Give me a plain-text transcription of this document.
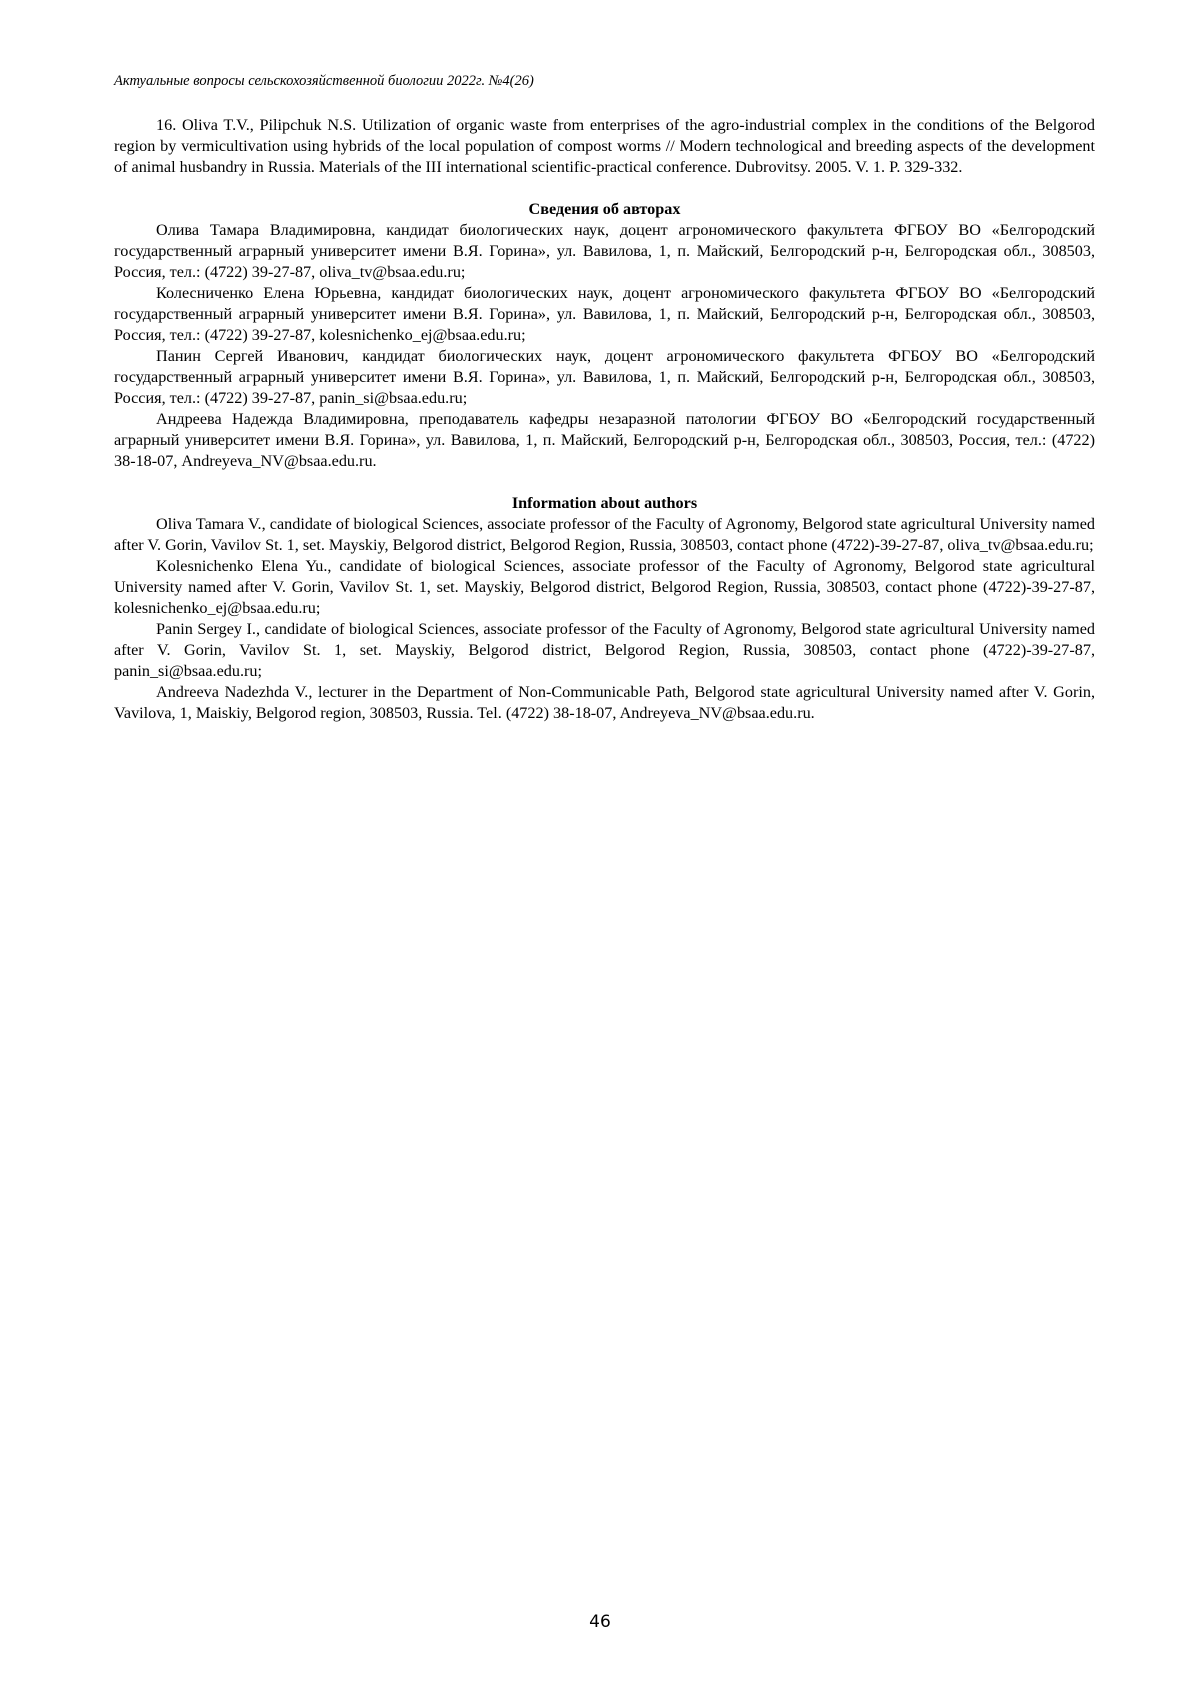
Актуальные вопросы сельскохозяйственной биологии 2022г. №4(26)

16. Oliva T.V., Pilipchuk N.S. Utilization of organic waste from enterprises of the agro-industrial complex in the conditions of the Belgorod region by vermicultivation using hybrids of the local population of compost worms // Modern technological and breeding aspects of the development of animal husbandry in Russia. Materials of the III international scientific-practical conference. Dubrovitsy. 2005. V. 1. P. 329-332.

Сведения об авторах

Олива Тамара Владимировна, кандидат биологических наук, доцент агрономического факультета ФГБОУ ВО «Белгородский государственный аграрный университет имени В.Я. Горина», ул. Вавилова, 1, п. Майский, Белгородский р-н, Белгородская обл., 308503, Россия, тел.: (4722) 39-27-87, oliva_tv@bsaa.edu.ru;

Колесниченко Елена Юрьевна, кандидат биологических наук, доцент агрономического факультета ФГБОУ ВО «Белгородский государственный аграрный университет имени В.Я. Горина», ул. Вавилова, 1, п. Майский, Белгородский р-н, Белгородская обл., 308503, Россия, тел.: (4722) 39-27-87, kolesnichenko_ej@bsaa.edu.ru;

Панин Сергей Иванович, кандидат биологических наук, доцент агрономического факультета ФГБОУ ВО «Белгородский государственный аграрный университет имени В.Я. Горина», ул. Вавилова, 1, п. Майский, Белгородский р-н, Белгородская обл., 308503, Россия, тел.: (4722) 39-27-87, panin_si@bsaa.edu.ru;

Андреева Надежда Владимировна, преподаватель кафедры незаразной патологии ФГБОУ ВО «Белгородский государственный аграрный университет имени В.Я. Горина», ул. Вавилова, 1, п. Майский, Белгородский р-н, Белгородская обл., 308503, Россия, тел.: (4722) 38-18-07, Andreyeva_NV@bsaa.edu.ru.

Information about authors

Oliva Tamara V., candidate of biological Sciences, associate professor of the Faculty of Agronomy, Belgorod state agricultural University named after V. Gorin, Vavilov St. 1, set. Mayskiy, Belgorod district, Belgorod Region, Russia, 308503, contact phone (4722)-39-27-87, oliva_tv@bsaa.edu.ru;

Kolesnichenko Elena Yu., candidate of biological Sciences, associate professor of the Faculty of Agronomy, Belgorod state agricultural University named after V. Gorin, Vavilov St. 1, set. Mayskiy, Belgorod district, Belgorod Region, Russia, 308503, contact phone (4722)-39-27-87, kolesnichenko_ej@bsaa.edu.ru;

Panin Sergey I., candidate of biological Sciences, associate professor of the Faculty of Agronomy, Belgorod state agricultural University named after V. Gorin, Vavilov St. 1, set. Mayskiy, Belgorod district, Belgorod Region, Russia, 308503, contact phone (4722)-39-27-87, panin_si@bsaa.edu.ru;

Andreeva Nadezhda V., lecturer in the Department of Non-Communicable Path, Belgorod state agricultural University named after V. Gorin, Vavilova, 1, Maiskiy, Belgorod region, 308503, Russia. Tel. (4722) 38-18-07, Andreyeva_NV@bsaa.edu.ru.

46
